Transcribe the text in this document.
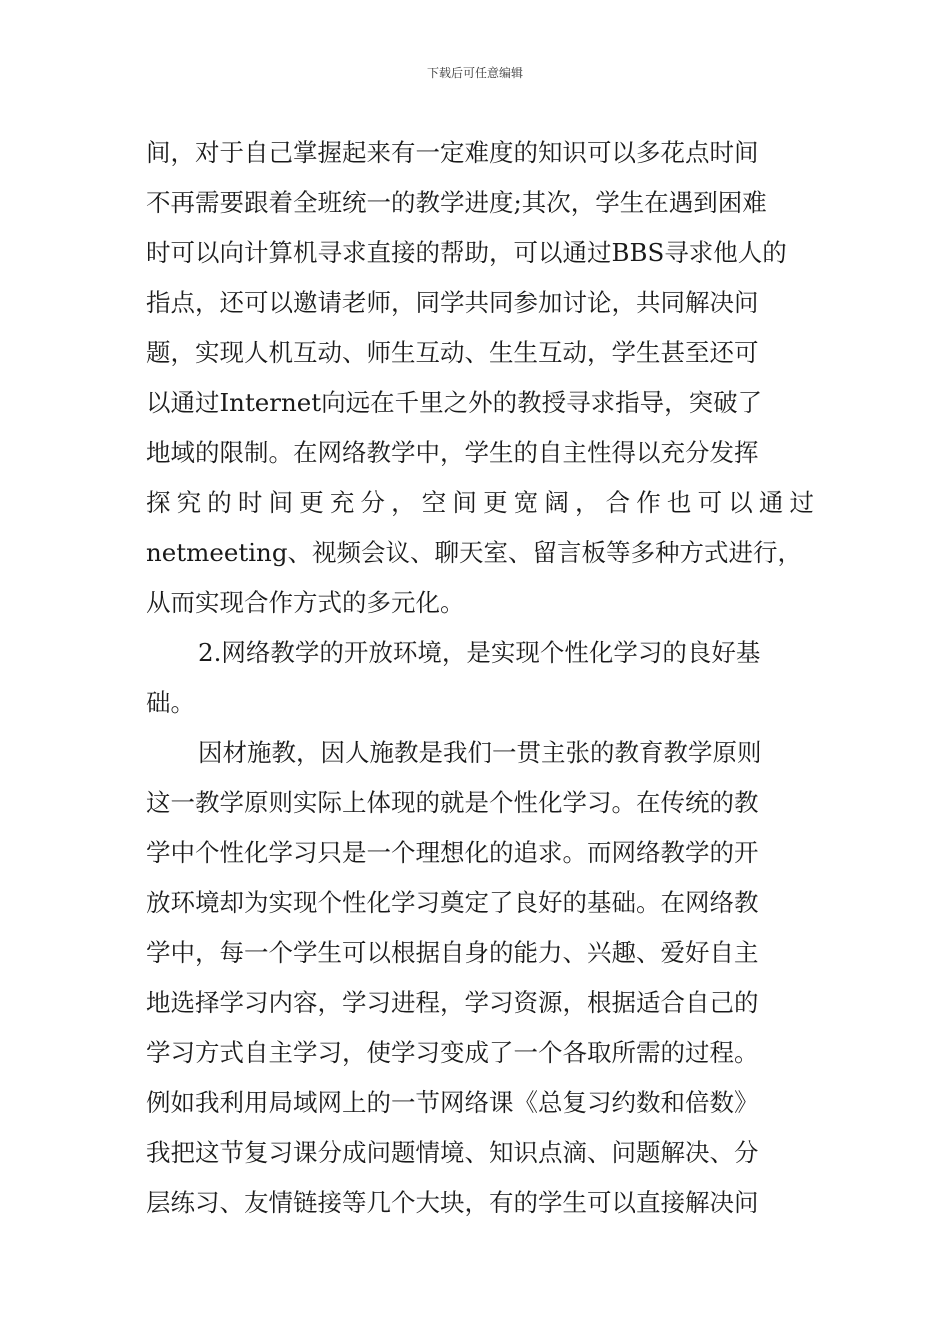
下载后可任意编辑
间，对于自己掌握起来有一定难度的知识可以多花点时间
不再需要跟着全班统一的教学进度;其次，学生在遇到困难
时可以向计算机寻求直接的帮助，可以通过BBS寻求他人的
指点，还可以邀请老师，同学共同参加讨论，共同解决问
题，实现人机互动、师生互动、生生互动，学生甚至还可
以通过Internet向远在千里之外的教授寻求指导，突破了
地域的限制。在网络教学中，学生的自主性得以充分发挥
探究的时间更充分，空间更宽阔，合作也可以通过
netmeeting、视频会议、聊天室、留言板等多种方式进行，
从而实现合作方式的多元化。
2.网络教学的开放环境，是实现个性化学习的良好基
础。
因材施教，因人施教是我们一贯主张的教育教学原则
这一教学原则实际上体现的就是个性化学习。在传统的教
学中个性化学习只是一个理想化的追求。而网络教学的开
放环境却为实现个性化学习奠定了良好的基础。在网络教
学中，每一个学生可以根据自身的能力、兴趣、爱好自主
地选择学习内容，学习进程，学习资源，根据适合自己的
学习方式自主学习，使学习变成了一个各取所需的过程。
例如我利用局域网上的一节网络课《总复习约数和倍数》
我把这节复习课分成问题情境、知识点滴、问题解决、分
层练习、友情链接等几个大块，有的学生可以直接解决问
